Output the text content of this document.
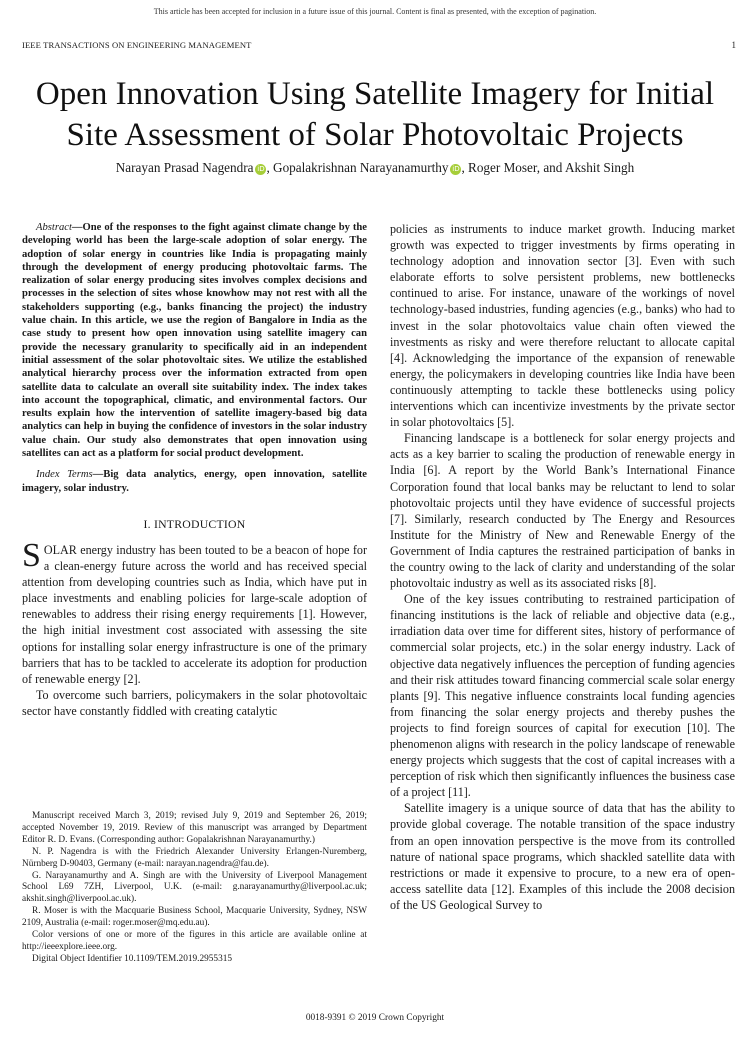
This article has been accepted for inclusion in a future issue of this journal. Content is final as presented, with the exception of pagination.
IEEE TRANSACTIONS ON ENGINEERING MANAGEMENT	1
Open Innovation Using Satellite Imagery for Initial
Site Assessment of Solar Photovoltaic Projects
Narayan Prasad Nagendra iD , Gopalakrishnan Narayanamurthy iD , Roger Moser, and Akshit Singh

Abstract—One of the responses to the fight against climate change by the developing world has been the large-scale adoption of solar energy. The adoption of solar energy in countries like India is propagating mainly through the development of energy producing photovoltaic farms. The realization of solar energy producing sites involves complex decisions and processes in the selection of sites whose knowhow may not rest with all the stakeholders supporting (e.g., banks financing the project) the industry value chain. In this article, we use the region of Bangalore in India as the case study to present how open innovation using satellite imagery can provide the necessary granularity to specifically aid in an independent initial assessment of the solar photovoltaic sites. We utilize the established analytical hierarchy process over the information extracted from open satellite data to calculate an overall site suitability index. The index takes into account the topographical, climatic, and environmental factors. Our results explain how the intervention of satellite imagery-based big data analytics can help in buying the confidence of investors in the solar industry value chain. Our study also demonstrates that open innovation using satellites can act as a platform for social product development.

Index Terms—Big data analytics, energy, open innovation, satellite imagery, solar industry.

I. INTRODUCTION

SOLAR energy industry has been touted to be a beacon of hope for a clean-energy future across the world and has received special attention from developing countries such as India, which have put in place investments and enabling policies for large-scale adoption of renewables to address their rising energy requirements [1]. However, the high initial investment cost associated with assessing the site options for installing solar energy infrastructure is one of the primary barriers that has to be tackled to accelerate its adoption for production of renewable energy [2].

To overcome such barriers, policymakers in the solar photovoltaic sector have constantly fiddled with creating catalytic

Manuscript received March 3, 2019; revised July 9, 2019 and September 26, 2019; accepted November 19, 2019. Review of this manuscript was arranged by Department Editor R. D. Evans. (Corresponding author: Gopalakrishnan Narayanamurthy.)

N. P. Nagendra is with the Friedrich Alexander University Erlangen-Nuremberg, Nürnberg D-90403, Germany (e-mail: narayan.nagendra@fau.de).

G. Narayanamurthy and A. Singh are with the University of Liverpool Management School L69 7ZH, Liverpool, U.K. (e-mail: g.narayanamurthy@liverpool.ac.uk; akshit.singh@liverpool.ac.uk).

R. Moser is with the Macquarie Business School, Macquarie University, Sydney, NSW 2109, Australia (e-mail: roger.moser@mq.edu.au).

Color versions of one or more of the figures in this article are available online at http://ieeexplore.ieee.org.

Digital Object Identifier 10.1109/TEM.2019.2955315

policies as instruments to induce market growth. Inducing market growth was expected to trigger investments by firms operating in technology adoption and innovation sector [3]. Even with such elaborate efforts to solve persistent problems, new bottlenecks continued to arise. For instance, unaware of the workings of novel technology-based industries, funding agencies (e.g., banks) who had to invest in the solar photovoltaics value chain often viewed the investments as risky and were therefore reluctant to allocate capital [4]. Acknowledging the importance of the expansion of renewable energy, the policymakers in developing countries like India have been continuously attempting to tackle these bottlenecks using policy interventions which can incentivize investments by the private sector in solar photovoltaics [5].

Financing landscape is a bottleneck for solar energy projects and acts as a key barrier to scaling the production of renewable energy in India [6]. A report by the World Bank’s International Finance Corporation found that local banks may be reluctant to lend to solar photovoltaic projects until they have evidence of successful projects [7]. Similarly, research conducted by The Energy and Resources Institute for the Ministry of New and Renewable Energy of the Government of India captures the restrained participation of banks in the country owing to the lack of clarity and understanding of the solar photovoltaic industry as well as its associated risks [8].

One of the key issues contributing to restrained participation of financing institutions is the lack of reliable and objective data (e.g., irradiation data over time for different sites, history of performance of commercial solar projects, etc.) in the solar energy industry. Lack of objective data negatively influences the perception of funding agencies and their risk attitudes toward financing commercial scale solar energy plants [9]. This negative influence constraints local funding agencies from financing the solar energy projects and thereby pushes the projects to find foreign sources of capital for execution [10]. The phenomenon aligns with research in the policy landscape of renewable energy projects which suggests that the cost of capital increases with a perception of risk which then significantly influences the business case of a project [11].

Satellite imagery is a unique source of data that has the ability to provide global coverage. The notable transition of the space industry from an open innovation perspective is the move from its controlled nature of national space programs, which shackled satellite data with restrictions or made it expensive to procure, to a new era of open-access satellite data [12]. Examples of this include the 2008 decision of the US Geological Survey to

0018-9391 © 2019 Crown Copyright
